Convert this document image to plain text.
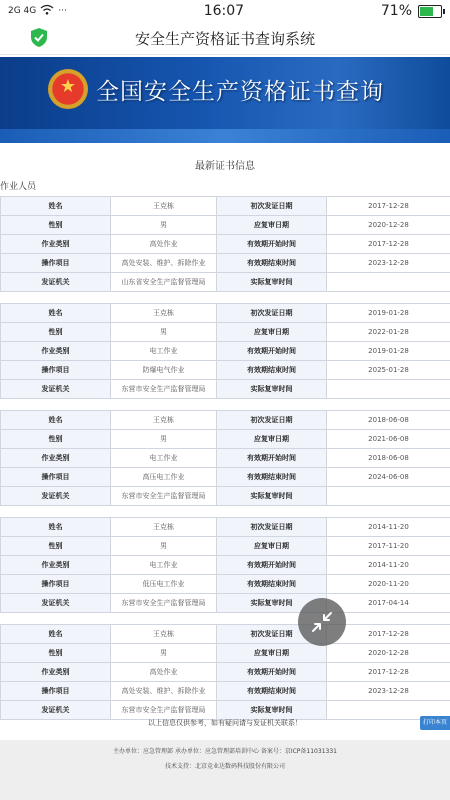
2G 4G ···	16:07	71%
安全生产资格证书查询系统
★
全国安全生产资格证书查询
最新证书信息
作业人员
姓名	王克栋	初次发证日期	2017-12-28
性别	男	应复审日期	2020-12-28
作业类别	高处作业	有效期开始时间	2017-12-28
操作项目	高处安装、维护、拆除作业	有效期结束时间	2023-12-28
发证机关	山东省安全生产监督管理局	实际复审时间	
姓名	王克栋	初次发证日期	2019-01-28
性别	男	应复审日期	2022-01-28
作业类别	电工作业	有效期开始时间	2019-01-28
操作项目	防爆电气作业	有效期结束时间	2025-01-28
发证机关	东营市安全生产监督管理局	实际复审时间	
姓名	王克栋	初次发证日期	2018-06-08
性别	男	应复审日期	2021-06-08
作业类别	电工作业	有效期开始时间	2018-06-08
操作项目	高压电工作业	有效期结束时间	2024-06-08
发证机关	东营市安全生产监督管理局	实际复审时间	
姓名	王克栋	初次发证日期	2014-11-20
性别	男	应复审日期	2017-11-20
作业类别	电工作业	有效期开始时间	2014-11-20
操作项目	低压电工作业	有效期结束时间	2020-11-20
发证机关	东营市安全生产监督管理局	实际复审时间	2017-04-14
姓名	王克栋	初次发证日期	2017-12-28
性别	男	应复审日期	2020-12-28
作业类别	高处作业	有效期开始时间	2017-12-28
操作项目	高处安装、维护、拆除作业	有效期结束时间	2023-12-28
发证机关	东营市安全生产监督管理局	实际复审时间	
以上信息仅供参考，如有疑问请与发证机关联系！	打印本页
主办单位：应急管理部 承办单位：应急管理部培训中心 备案号：京ICP备11031331
技术支持：北京竞业达数码科技股份有限公司
